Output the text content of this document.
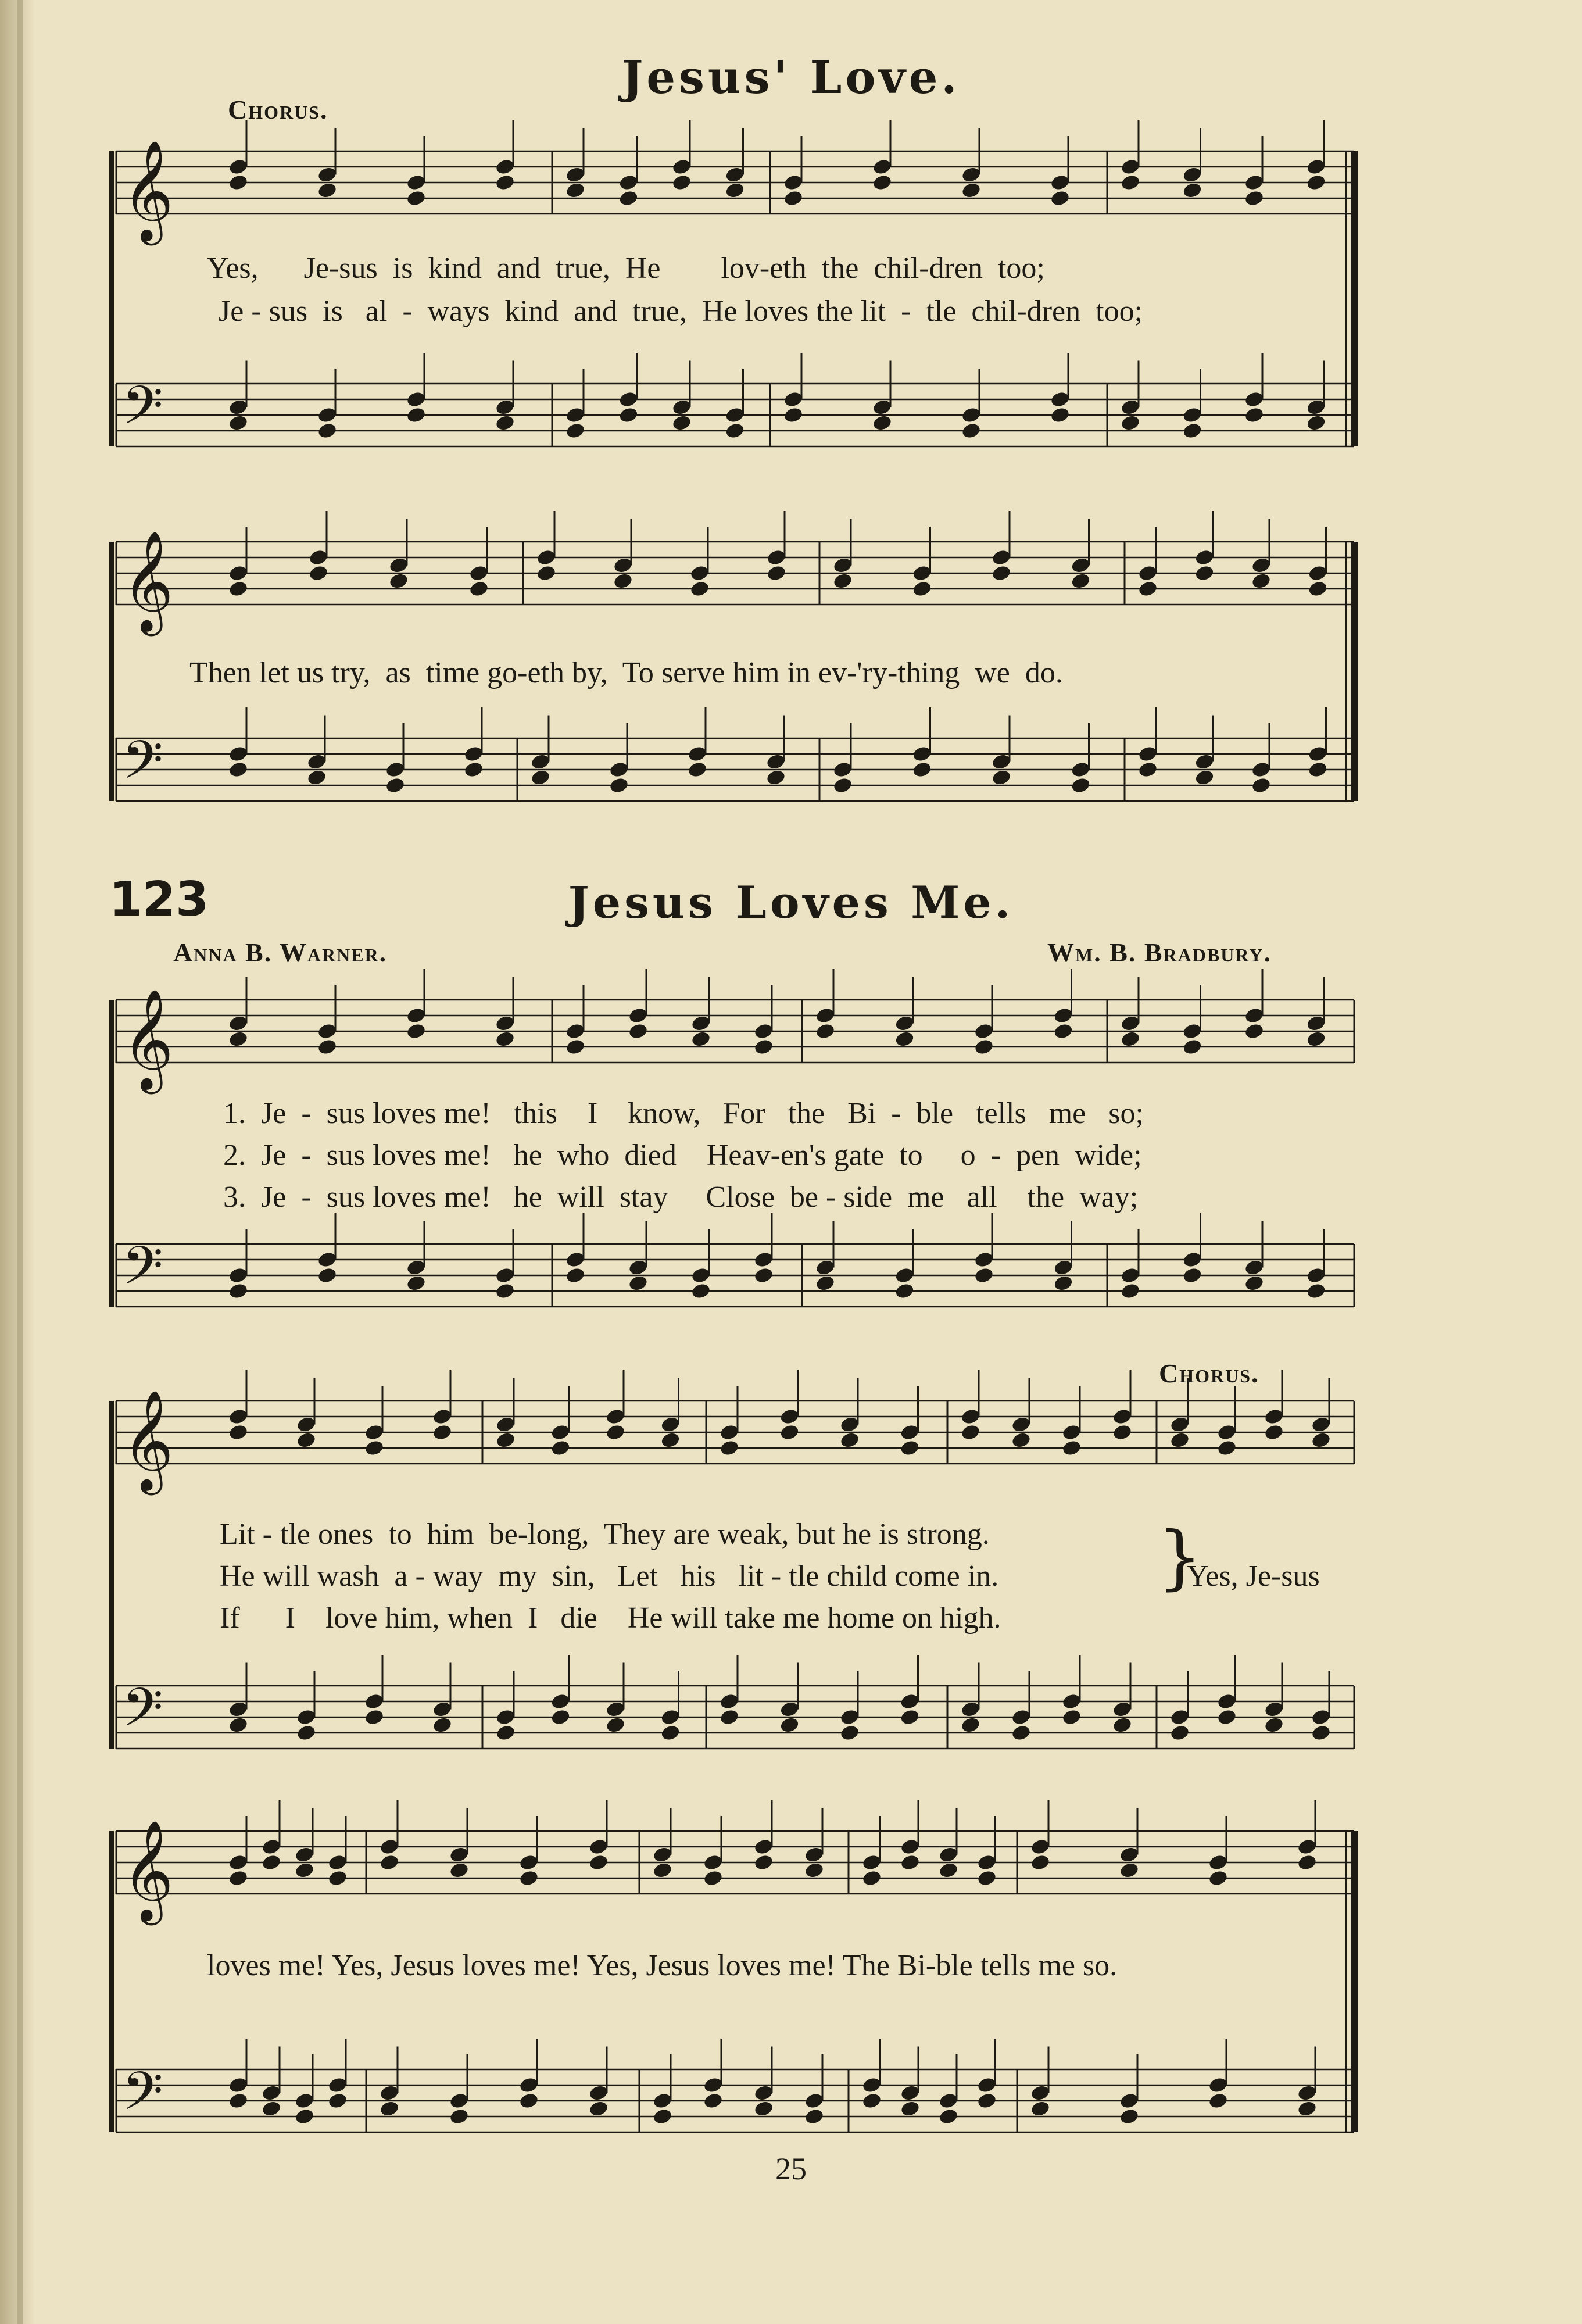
Jesus' Love.
Chorus.
Yes,      Je-sus  is  kind  and  true,  He        lov-eth  the  chil-dren  too;
Je - sus  is   al  -  ways  kind  and  true,  He loves the lit  -  tle  chil-dren  too;
Then let us try,  as  time go-eth by,  To serve him in ev-'ry-thing  we  do.
123	Jesus Loves Me.
Anna B. Warner.	Wm. B. Bradbury.
1.  Je  -  sus loves me!   this    I    know,   For   the   Bi  -  ble   tells   me   so;
2.  Je  -  sus loves me!   he  who  died    Heav-en's gate  to     o  -  pen  wide;
3.  Je  -  sus loves me!   he  will  stay     Close  be - side  me   all    the  way;
Chorus.
Lit - tle ones  to  him  be-long,  They are weak, but he is strong.
He will wash  a - way  my  sin,   Let   his   lit - tle child come in.
If      I    love him, when  I   die    He will take me home on high.
}
Yes, Je-sus
loves me! Yes, Jesus loves me! Yes, Jesus loves me! The Bi-ble tells me so.
25
𝄞
𝄢
𝄞
𝄢
𝄞
𝄢
𝄞
𝄢
𝄞
𝄢
